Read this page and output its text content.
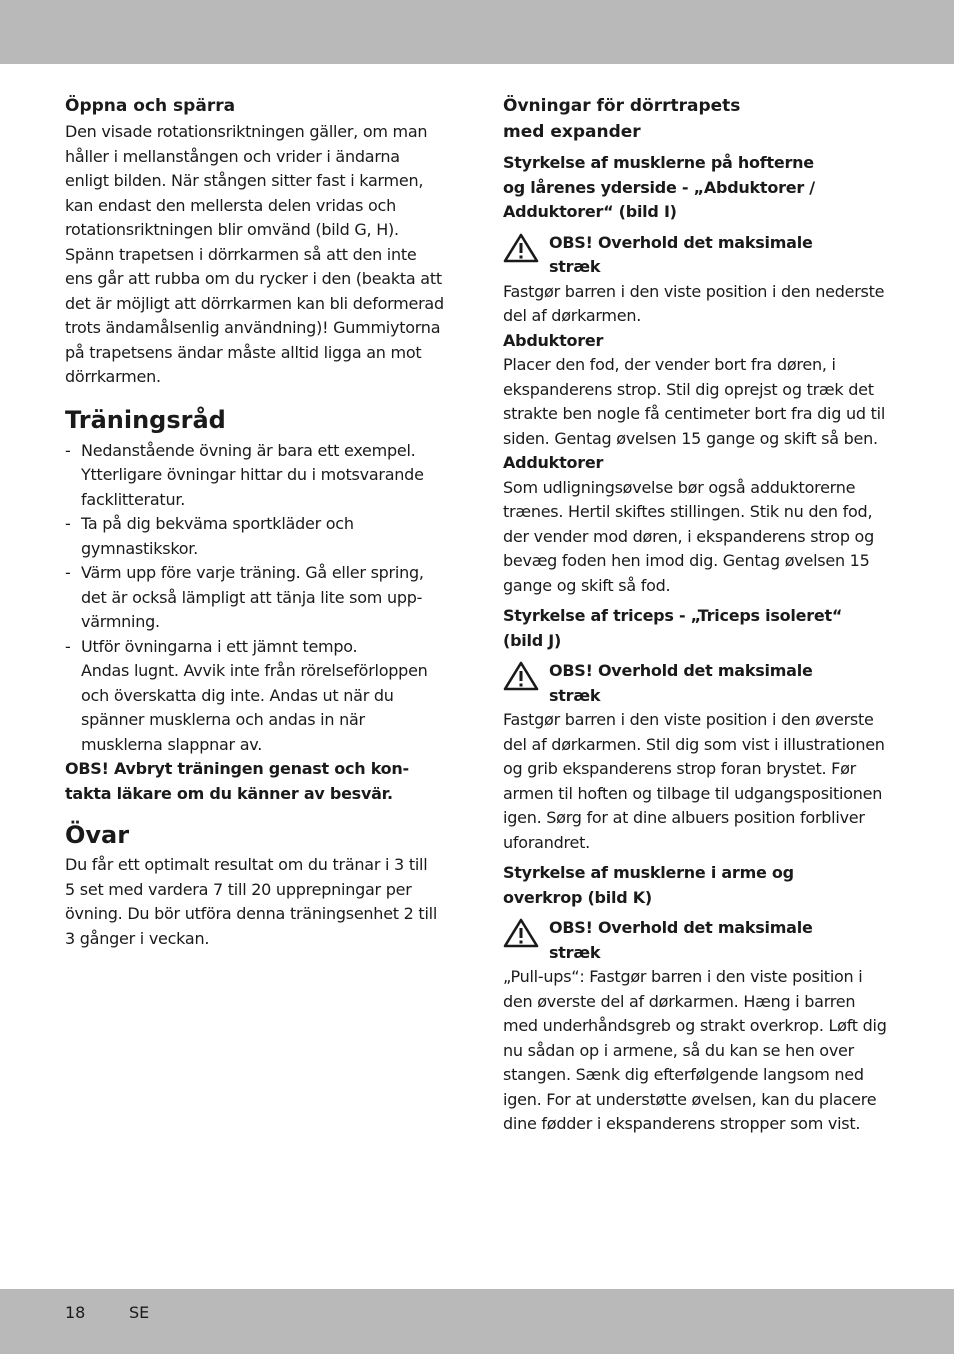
Öppna och spärra

Den visade rotationsriktningen gäller, om man
håller i mellanstången och vrider i ändarna
enligt bilden. När stången sitter fast i karmen,
kan endast den mellersta delen vridas och
rotationsriktningen blir omvänd (bild G, H).
Spänn trapetsen i dörrkarmen så att den inte
ens går att rubba om du rycker i den (beakta att
det är möjligt att dörrkarmen kan bli deformerad
trots ändamålsenlig användning)! Gummiytorna
på trapetsens ändar måste alltid ligga an mot
dörrkarmen.

Träningsråd
- Nedanstående övning är bara ett exempel.
Ytterligare övningar hittar du i motsvarande
facklitteratur.
- Ta på dig bekväma sportkläder och
gymnastikskor.
- Värm upp före varje träning. Gå eller spring,
det är också lämpligt att tänja lite som upp-
värmning.
- Utför övningarna i ett jämnt tempo.
Andas lugnt. Avvik inte från rörelseförloppen
och överskatta dig inte. Andas ut när du
spänner musklerna och andas in när
musklerna slappnar av.

OBS! Avbryt träningen genast och kon-
takta läkare om du känner av besvär.

Övar

Du får ett optimalt resultat om du tränar i 3 till
5 set med vardera 7 till 20 upprepningar per
övning. Du bör utföra denna träningsenhet 2 till
3 gånger i veckan.

Övningar för dörrtrapets
med expander

Styrkelse af musklerne på hofterne
og lårenes yderside - „Abduktorer /
Adduktorer“ (bild I)

OBS! Overhold det maksimale
stræk

Fastgør barren i den viste position i den nederste
del af dørkarmen.

Abduktorer

Placer den fod, der vender bort fra døren, i
ekspanderens strop. Stil dig oprejst og træk det
strakte ben nogle få centimeter bort fra dig ud til
siden. Gentag øvelsen 15 gange og skift så ben.

Adduktorer

Som udligningsøvelse bør også adduktorerne
trænes. Hertil skiftes stillingen. Stik nu den fod,
der vender mod døren, i ekspanderens strop og
bevæg foden hen imod dig. Gentag øvelsen 15
gange og skift så fod.

Styrkelse af triceps - „Triceps isoleret“
(bild J)

OBS! Overhold det maksimale
stræk

Fastgør barren i den viste position i den øverste
del af dørkarmen. Stil dig som vist i illustrationen
og grib ekspanderens strop foran brystet. Før
armen til hoften og tilbage til udgangspositionen
igen. Sørg for at dine albuers position forbliver
uforandret.

Styrkelse af musklerne i arme og
overkrop (bild K)

OBS! Overhold det maksimale
stræk

„Pull-ups“: Fastgør barren i den viste position i
den øverste del af dørkarmen. Hæng i barren
med underhåndsgreb og strakt overkrop. Løft dig
nu sådan op i armene, så du kan se hen over
stangen. Sænk dig efterfølgende langsom ned
igen. For at understøtte øvelsen, kan du placere
dine fødder i ekspanderens stropper som vist.

18	SE
